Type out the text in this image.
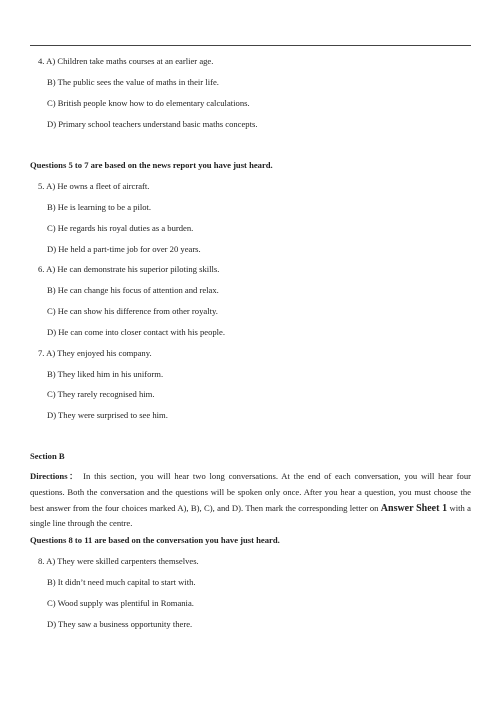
4. A) Children take maths courses at an earlier age.
B) The public sees the value of maths in their life.
C) British people know how to do elementary calculations.
D) Primary school teachers understand basic maths concepts.
Questions 5 to 7 are based on the news report you have just heard.
5. A) He owns a fleet of aircraft.
B) He is learning to be a pilot.
C) He regards his royal duties as a burden.
D) He held a part-time job for over 20 years.
6. A) He can demonstrate his superior piloting skills.
B) He can change his focus of attention and relax.
C) He can show his difference from other royalty.
D) He can come into closer contact with his people.
7. A) They enjoyed his company.
B) They liked him in his uniform.
C) They rarely recognised him.
D) They were surprised to see him.
Section B
Directions： In this section, you will hear two long conversations. At the end of each conversation, you will hear four questions. Both the conversation and the questions will be spoken only once. After you hear a question, you must choose the best answer from the four choices marked A), B), C), and D). Then mark the corresponding letter on Answer Sheet 1 with a single line through the centre.
Questions 8 to 11 are based on the conversation you have just heard.
8. A) They were skilled carpenters themselves.
B) It didn’t need much capital to start with.
C) Wood supply was plentiful in Romania.
D) They saw a business opportunity there.
